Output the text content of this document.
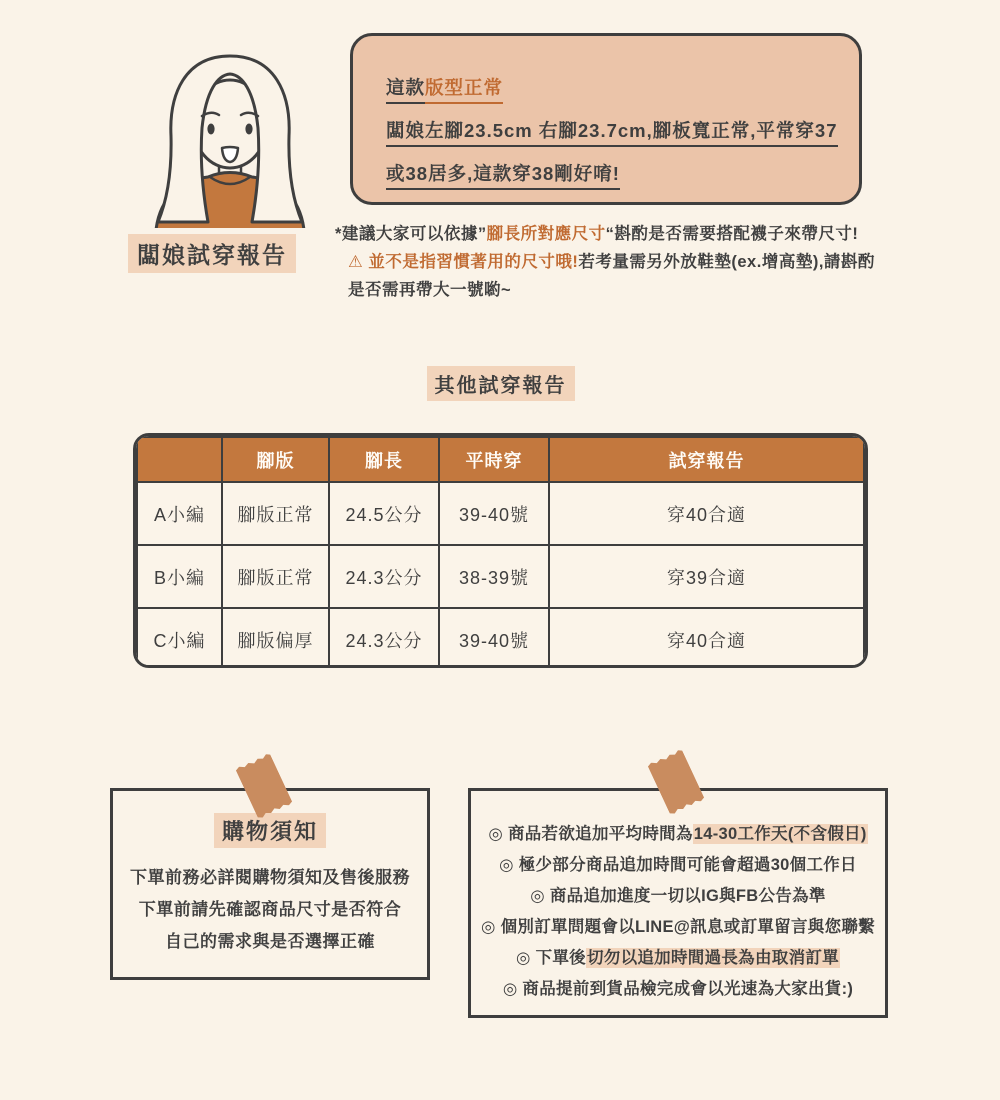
這款版型正常
闆娘左腳23.5cm 右腳23.7cm,腳板寬正常,平常穿37
或38居多,這款穿38剛好唷!
闆娘試穿報告
*建議大家可以依據”腳長所對應尺寸“斟酌是否需要搭配襪子來帶尺寸!
⚠ 並不是指習慣著用的尺寸哦!若考量需另外放鞋墊(ex.增高墊),請斟酌
是否需再帶大一號喲~
其他試穿報告
	腳版	腳長	平時穿	試穿報告
A小編	腳版正常	24.5公分	39-40號	穿40合適
B小編	腳版正常	24.3公分	38-39號	穿39合適
C小編	腳版偏厚	24.3公分	39-40號	穿40合適
購物須知
下單前務必詳閱購物須知及售後服務
下單前請先確認商品尺寸是否符合
自己的需求與是否選擇正確
◎ 商品若欲追加平均時間為14-30工作天(不含假日)
◎ 極少部分商品追加時間可能會超過30個工作日
◎ 商品追加進度一切以IG與FB公告為準
◎ 個別訂單問題會以LINE@訊息或訂單留言與您聯繫
◎ 下單後切勿以追加時間過長為由取消訂單
◎ 商品提前到貨品檢完成會以光速為大家出貨:)
